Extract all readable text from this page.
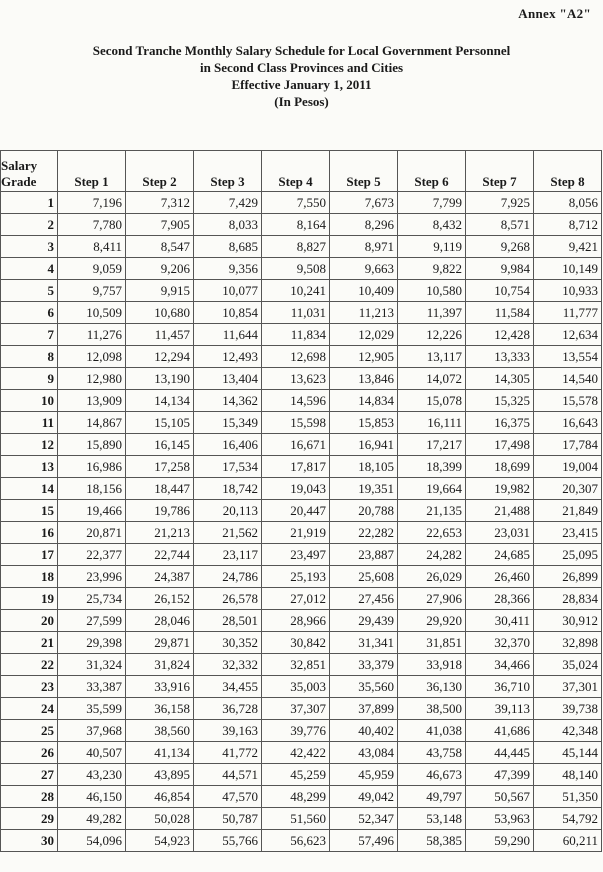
Annex "A2"
Second Tranche Monthly Salary Schedule for Local Government Personnel
in Second Class Provinces and Cities
Effective January 1, 2011
(In Pesos)
Salary
Grade	Step 1	Step 2	Step 3	Step 4	Step 5	Step 6	Step 7	Step 8
1	7,196	7,312	7,429	7,550	7,673	7,799	7,925	8,056
2	7,780	7,905	8,033	8,164	8,296	8,432	8,571	8,712
3	8,411	8,547	8,685	8,827	8,971	9,119	9,268	9,421
4	9,059	9,206	9,356	9,508	9,663	9,822	9,984	10,149
5	9,757	9,915	10,077	10,241	10,409	10,580	10,754	10,933
6	10,509	10,680	10,854	11,031	11,213	11,397	11,584	11,777
7	11,276	11,457	11,644	11,834	12,029	12,226	12,428	12,634
8	12,098	12,294	12,493	12,698	12,905	13,117	13,333	13,554
9	12,980	13,190	13,404	13,623	13,846	14,072	14,305	14,540
10	13,909	14,134	14,362	14,596	14,834	15,078	15,325	15,578
11	14,867	15,105	15,349	15,598	15,853	16,111	16,375	16,643
12	15,890	16,145	16,406	16,671	16,941	17,217	17,498	17,784
13	16,986	17,258	17,534	17,817	18,105	18,399	18,699	19,004
14	18,156	18,447	18,742	19,043	19,351	19,664	19,982	20,307
15	19,466	19,786	20,113	20,447	20,788	21,135	21,488	21,849
16	20,871	21,213	21,562	21,919	22,282	22,653	23,031	23,415
17	22,377	22,744	23,117	23,497	23,887	24,282	24,685	25,095
18	23,996	24,387	24,786	25,193	25,608	26,029	26,460	26,899
19	25,734	26,152	26,578	27,012	27,456	27,906	28,366	28,834
20	27,599	28,046	28,501	28,966	29,439	29,920	30,411	30,912
21	29,398	29,871	30,352	30,842	31,341	31,851	32,370	32,898
22	31,324	31,824	32,332	32,851	33,379	33,918	34,466	35,024
23	33,387	33,916	34,455	35,003	35,560	36,130	36,710	37,301
24	35,599	36,158	36,728	37,307	37,899	38,500	39,113	39,738
25	37,968	38,560	39,163	39,776	40,402	41,038	41,686	42,348
26	40,507	41,134	41,772	42,422	43,084	43,758	44,445	45,144
27	43,230	43,895	44,571	45,259	45,959	46,673	47,399	48,140
28	46,150	46,854	47,570	48,299	49,042	49,797	50,567	51,350
29	49,282	50,028	50,787	51,560	52,347	53,148	53,963	54,792
30	54,096	54,923	55,766	56,623	57,496	58,385	59,290	60,211
